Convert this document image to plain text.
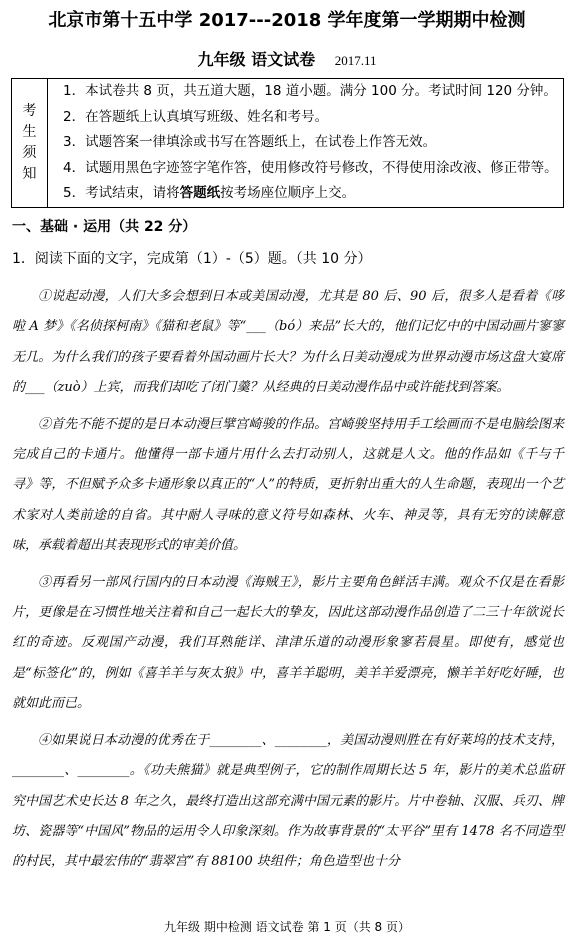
北京市第十五中学 2017---2018 学年度第一学期期中检测
九年级 语文试卷 2017.11
考
生
须
知
1．本试卷共 8 页，共五道大题，18 道小题。满分 100 分。考试时间 120 分钟。
2．在答题纸上认真填写班级、姓名和考号。
3．试题答案一律填涂或书写在答题纸上，在试卷上作答无效。
4．试题用黑色字迹签字笔作答，使用修改符号修改，不得使用涂改液、修正带等。
5．考试结束，请将答题纸按考场座位顺序上交。
一、基础 · 运用（共 22 分）
1．阅读下面的文字，完成第（1）-（5）题。（共 10 分）

①说起动漫，人们大多会想到日本或美国动漫，尤其是 80 后、90 后，很多人是看着《哆啦 A 梦》《名侦探柯南》《猫和老鼠》等“___（bó）来品”长大的，他们记忆中的中国动画片寥寥无几。为什么我们的孩子要看着外国动画片长大？为什么日美动漫成为世界动漫市场这盘大宴席的___（zuò）上宾，而我们却吃了闭门羹？从经典的日美动漫作品中或许能找到答案。

②首先不能不提的是日本动漫巨擘宫崎骏的作品。宫崎骏坚持用手工绘画而不是电脑绘图来完成自己的卡通片。他懂得一部卡通片用什么去打动别人，这就是人文。他的作品如《千与千寻》等，不但赋予众多卡通形象以真正的“人”的特质，更折射出重大的人生命题，表现出一个艺术家对人类前途的自省。其中耐人寻味的意义符号如森林、火车、神灵等，具有无穷的读解意味，承载着超出其表现形式的审美价值。

③再看另一部风行国内的日本动漫《海贼王》，影片主要角色鲜活丰满。观众不仅是在看影片，更像是在习惯性地关注着和自己一起长大的挚友，因此这部动漫作品创造了二三十年欲说长红的奇迹。反观国产动漫，我们耳熟能详、津津乐道的动漫形象寥若晨星。即使有，感觉也是“标签化”的，例如《喜羊羊与灰太狼》中，喜羊羊聪明，美羊羊爱漂亮，懒羊羊好吃好睡，也就如此而已。

④如果说日本动漫的优秀在于________、________，美国动漫则胜在有好莱坞的技术支持，________、________。《功夫熊猫》就是典型例子，它的制作周期长达 5 年，影片的美术总监研究中国艺术史长达 8 年之久，最终打造出这部充满中国元素的影片。片中卷轴、汉服、兵刃、牌坊、瓷器等“中国风”物品的运用令人印象深刻。作为故事背景的“太平谷”里有 1478 名不同造型的村民，其中最宏伟的“翡翠宫”有 88100 块组件；角色造型也十分

九年级 期中检测 语文试卷 第 1 页（共 8 页）
